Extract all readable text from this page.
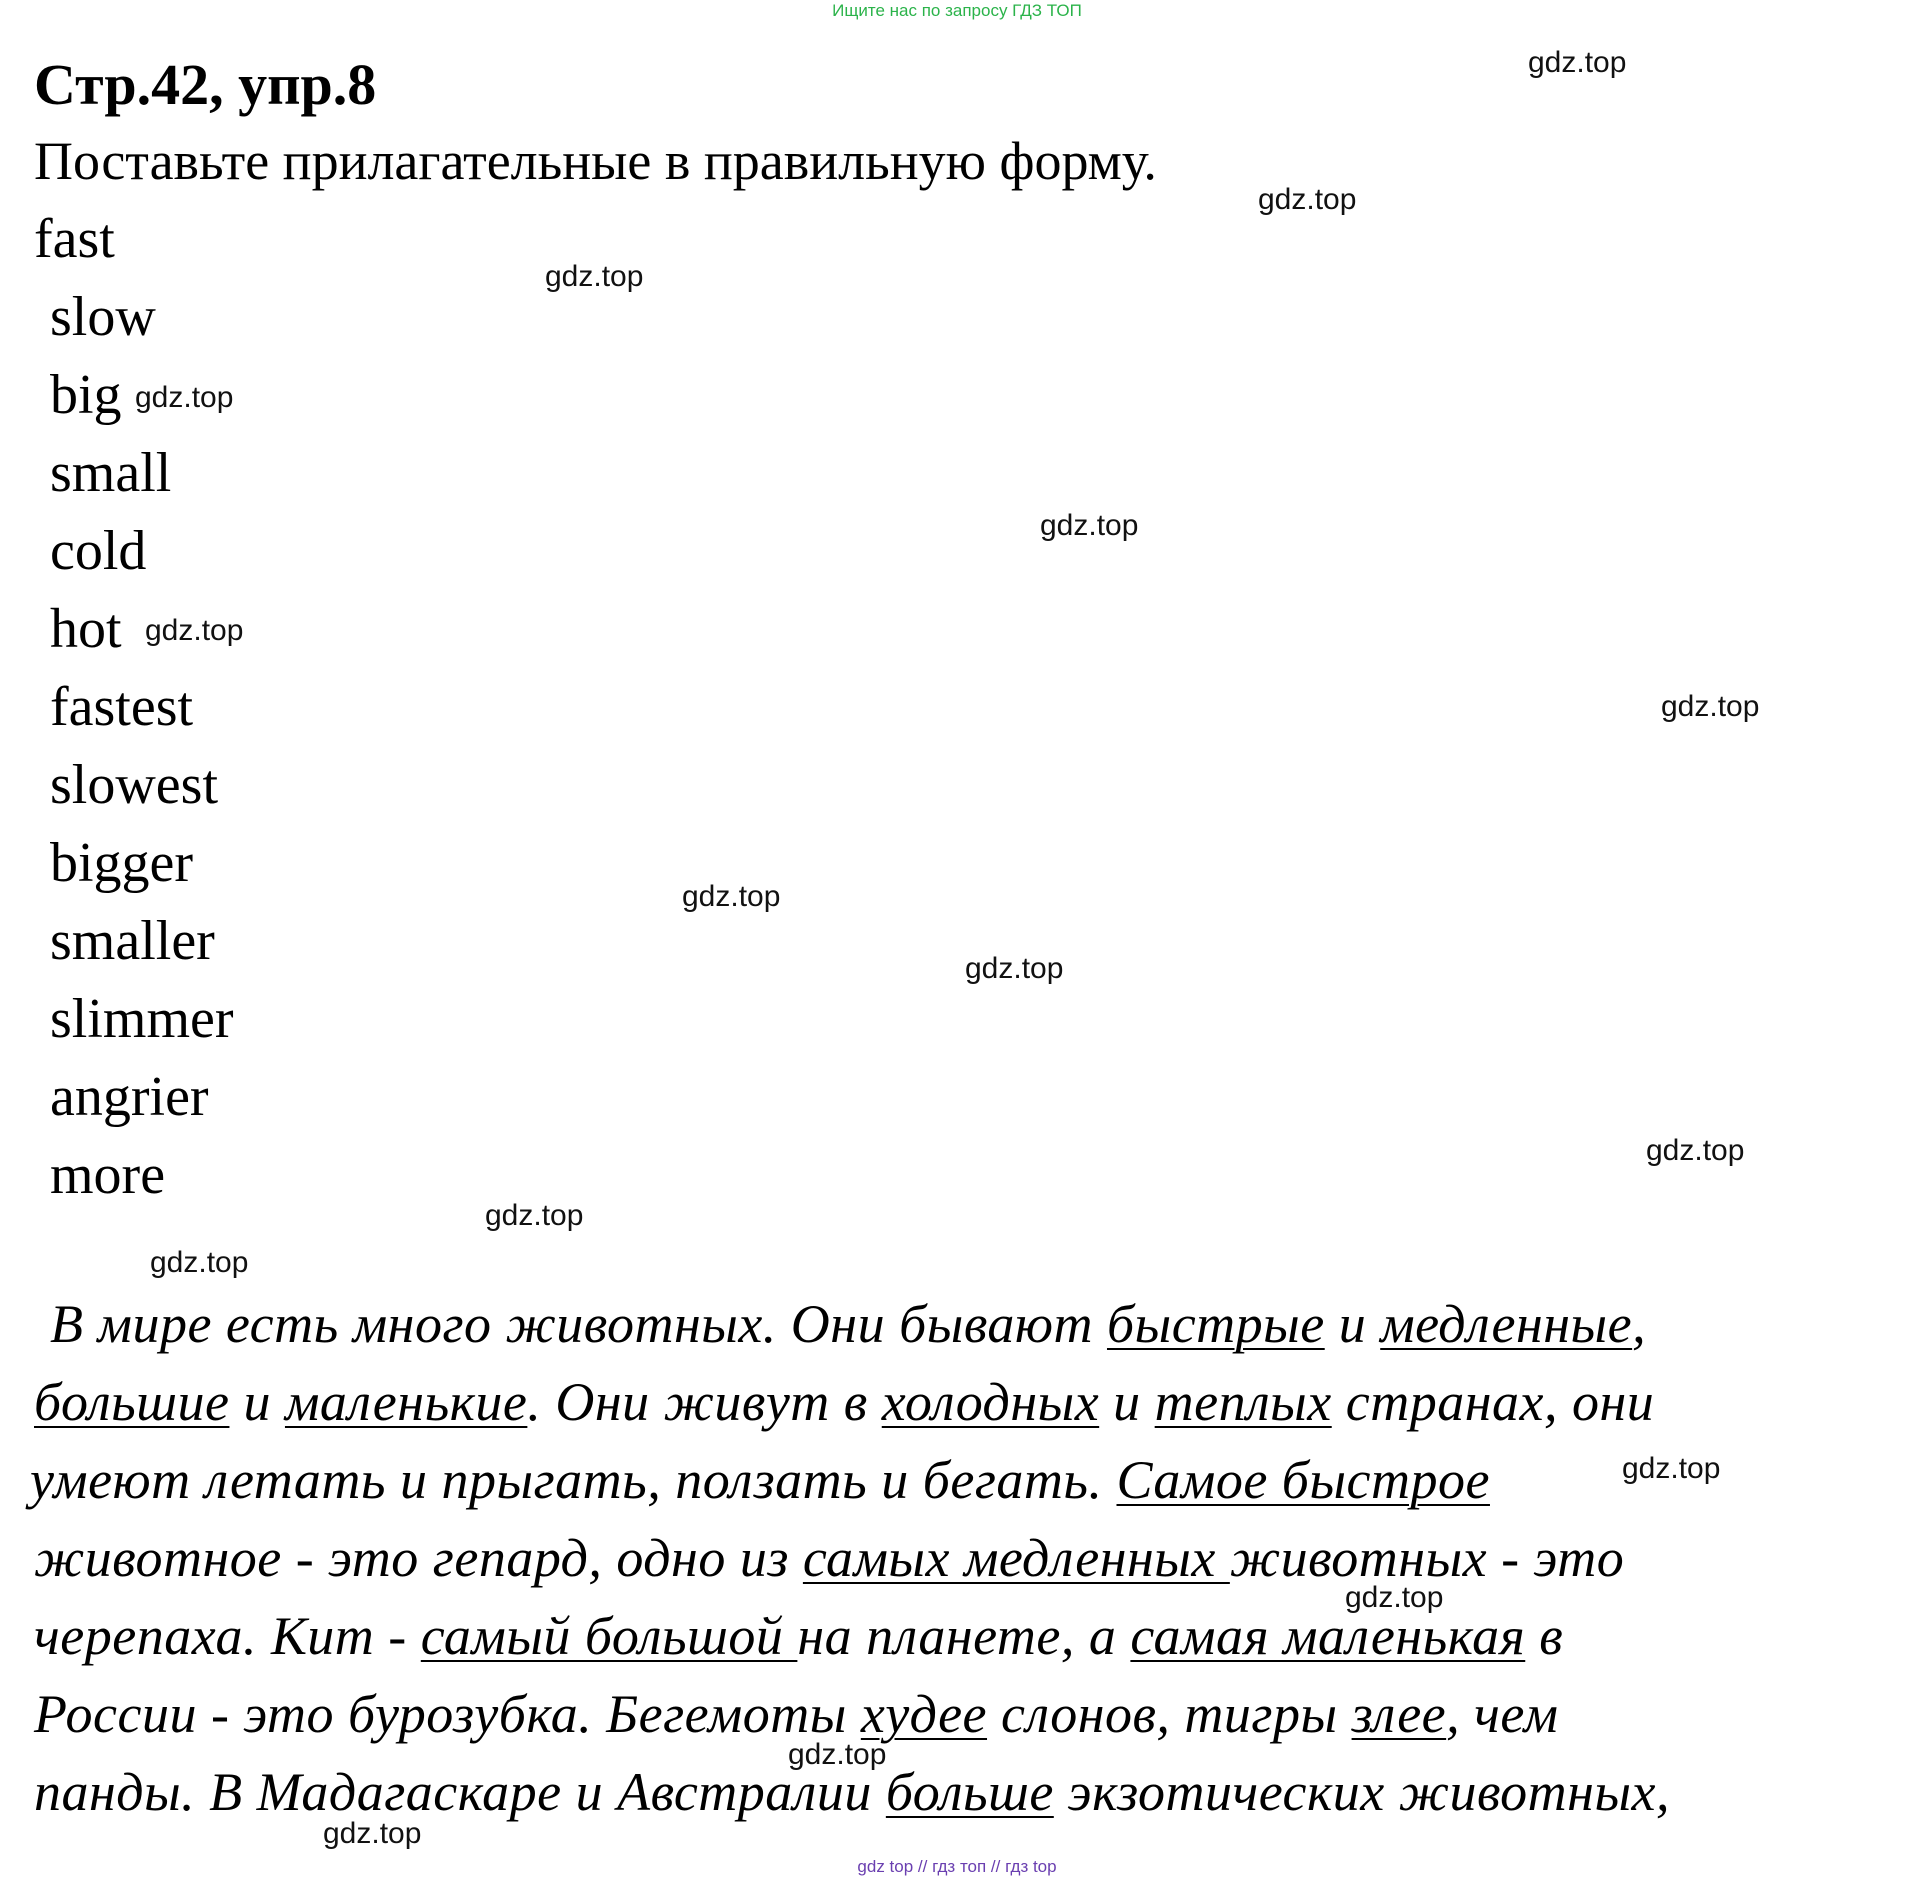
Ищите нас по запросу ГДЗ ТОП
Стр.42, упр.8
Поставьте прилагательные в правильную форму.
fast
slow
big
small
cold
hot
fastest
slowest
bigger
smaller
slimmer
angrier
more
gdz.top
gdz.top
gdz.top
gdz.top
gdz.top
gdz.top
gdz.top
gdz.top
gdz.top
gdz.top
gdz.top
gdz.top
gdz.top
gdz.top
gdz.top
gdz.top
В мире есть много животных. Они бывают быстрые и медленные,
большие и маленькие. Они живут в холодных и теплых странах, они
умеют летать и прыгать, ползать и бегать. Самое быстрое
животное - это гепард, одно из самых медленных животных - это
черепаха. Кит - самый большой на планете, а самая маленькая в
России - это бурозубка. Бегемоты худее слонов, тигры злее, чем
панды. В Мадагаскаре и Австралии больше экзотических животных,
gdz top // гдз топ // гдз top
